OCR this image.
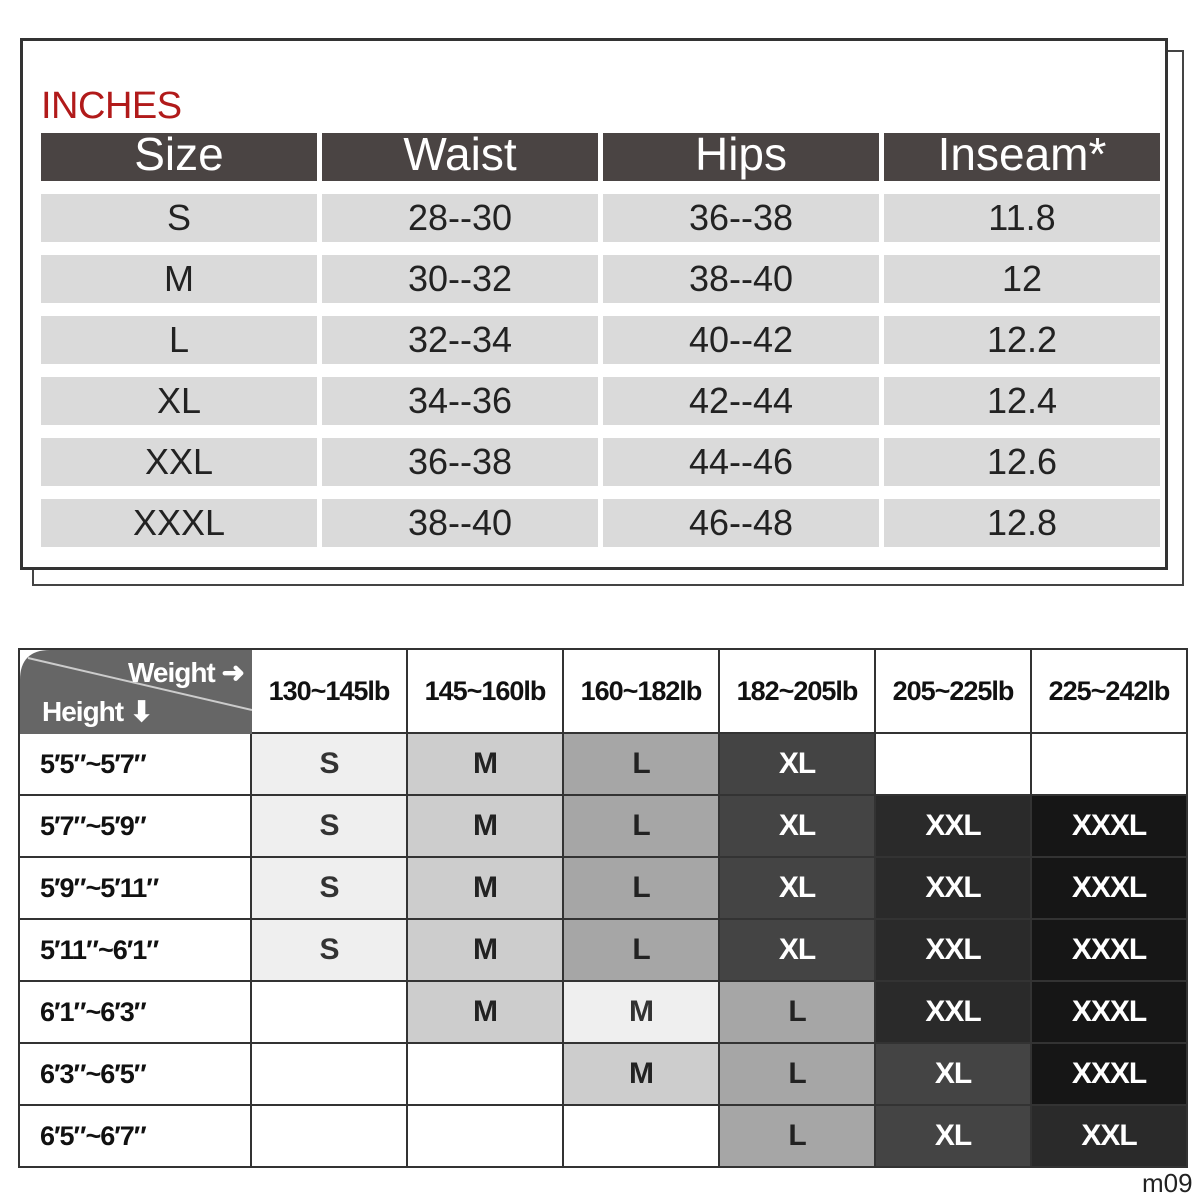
INCHES
Size	Waist	Hips	Inseam*
S	28--30	36--38	11.8
M	30--32	38--40	12
L	32--34	40--42	12.2
XL	34--36	42--44	12.4
XXL	36--38	44--46	12.6
XXXL	38--40	46--48	12.8
Weight ➜
Height ⬇	130~145lb	145~160lb	160~182lb	182~205lb	205~225lb	225~242lb
5′5″~5′7″	S	M	L	XL		
5′7″~5′9″	S	M	L	XL	XXL	XXXL
5′9″~5′11″	S	M	L	XL	XXL	XXXL
5′11″~6′1″	S	M	L	XL	XXL	XXXL
6′1″~6′3″		M	M	L	XXL	XXXL
6′3″~6′5″			M	L	XL	XXXL
6′5″~6′7″				L	XL	XXL
m09
